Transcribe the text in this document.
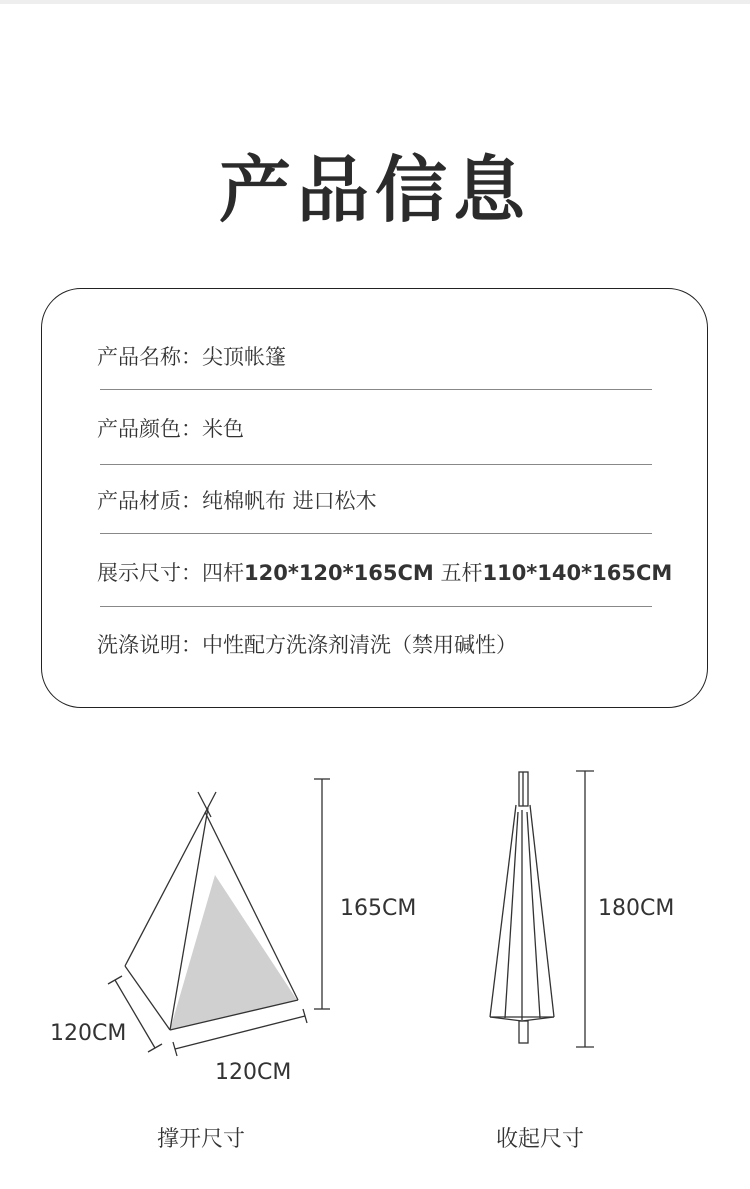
产品信息
产品名称：尖顶帐篷
产品颜色：米色
产品材质：纯棉帆布 进口松木
展示尺寸：四杆120*120*165CM 五杆110*140*165CM
洗涤说明：中性配方洗涤剂清洗（禁用碱性）
165CM
120CM
120CM
180CM
撑开尺寸	收起尺寸
